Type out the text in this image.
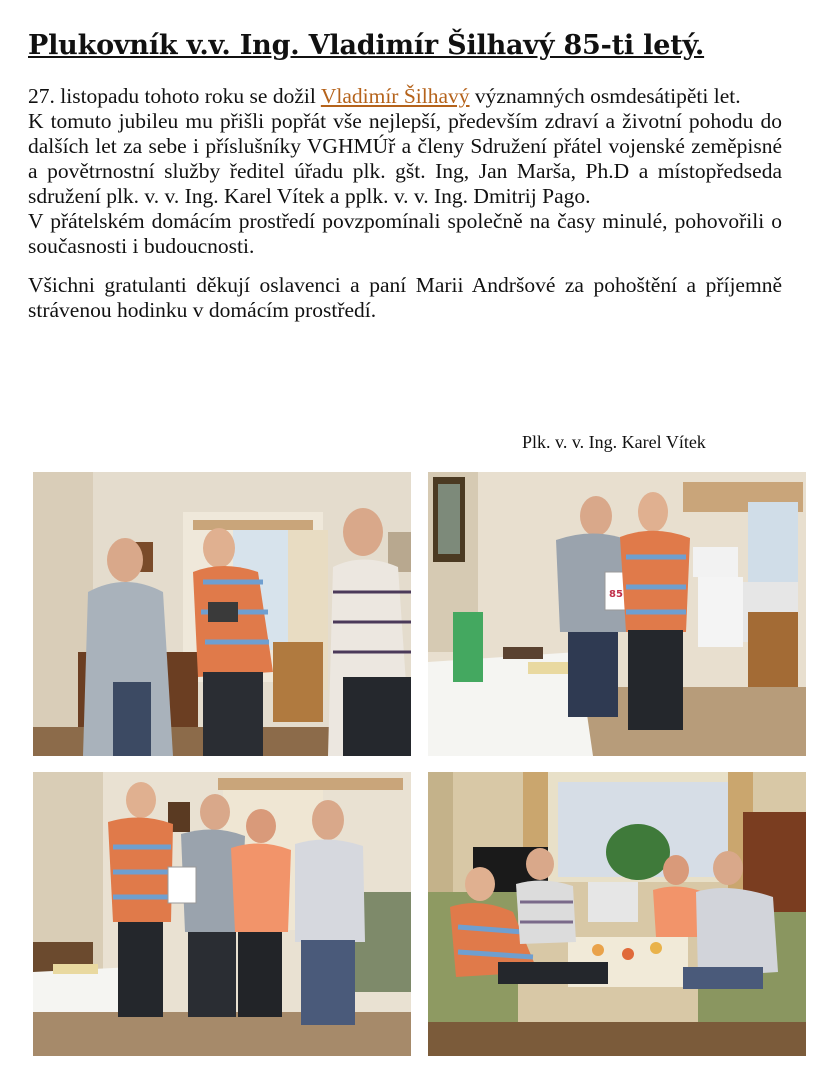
Plukovník v.v. Ing. Vladimír Šilhavý 85-ti letý.

27. listopadu tohoto roku se dožil Vladimír Šilhavý významných osmdesátipěti let.

K tomuto jubileu mu přišli popřát vše nejlepší, především zdraví a životní pohodu do dalších let za sebe i příslušníky VGHMÚř a členy Sdružení přátel vojenské zeměpisné a povětrnostní služby ředitel úřadu plk. gšt. Ing, Jan Marša, Ph.D a místopředseda sdružení plk. v. v. Ing. Karel Vítek a pplk. v. v. Ing. Dmitrij Pago.

V přátelském domácím prostředí povzpomínali společně na časy minulé, pohovořili o současnosti i budoucnosti.

Všichni gratulanti děkují oslavenci a paní Marii Andršové za pohoštění a příjemně strávenou hodinku v domácím prostředí.

Plk. v. v. Ing. Karel Vítek
85
